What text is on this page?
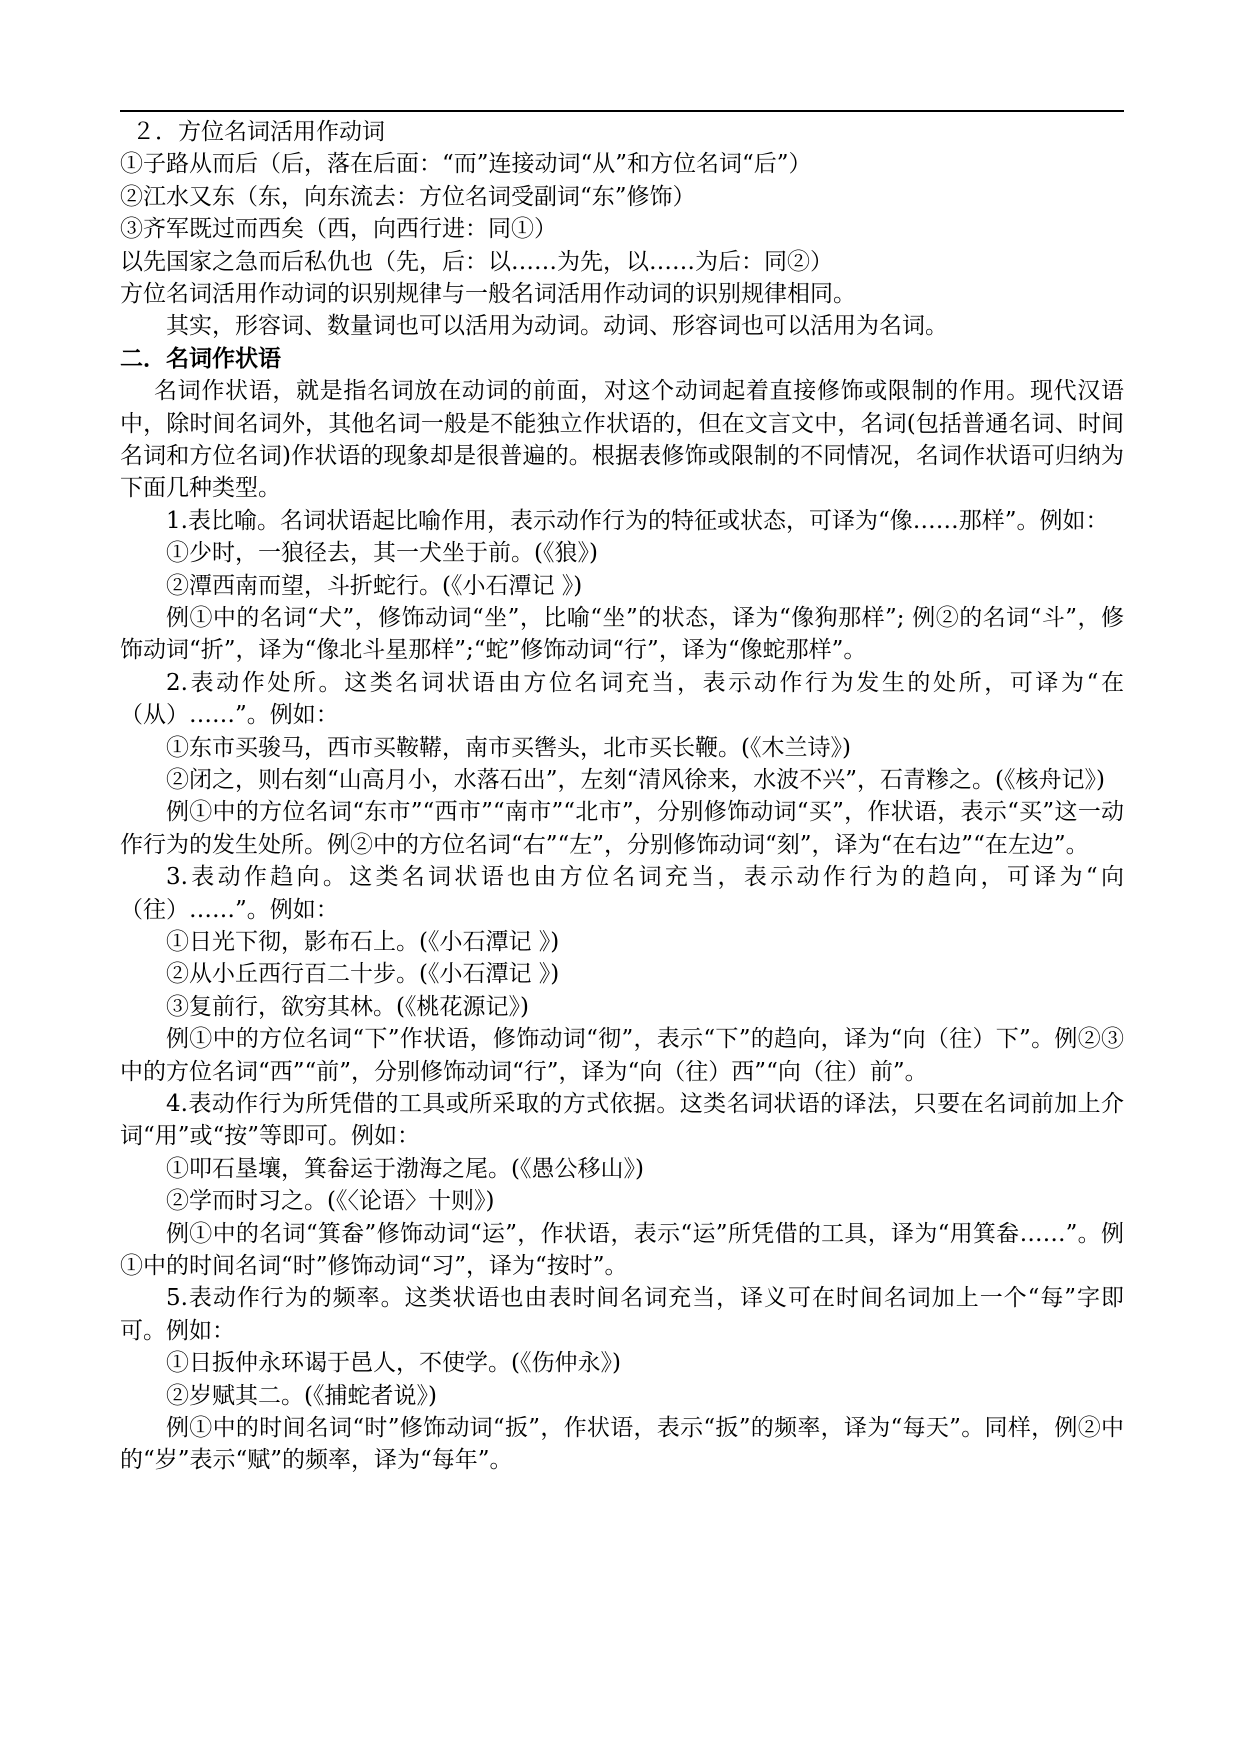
２．方位名词活用作动词
①子路从而后（后，落在后面：“而”连接动词“从”和方位名词“后”）
②江水又东（东，向东流去：方位名词受副词“东”修饰）
③齐军既过而西矣（西，向西行进：同①）
以先国家之急而后私仇也（先，后：以……为先，以……为后：同②）
方位名词活用作动词的识别规律与一般名词活用作动词的识别规律相同。
其实，形容词、数量词也可以活用为动词。动词、形容词也可以活用为名词。
二．名词作状语
名词作状语，就是指名词放在动词的前面，对这个动词起着直接修饰或限制的作用。现代汉语中，除时间名词外，其他名词一般是不能独立作状语的，但在文言文中，名词(包括普通名词、时间名词和方位名词)作状语的现象却是很普遍的。根据表修饰或限制的不同情况，名词作状语可归纳为下面几种类型。
1.表比喻。名词状语起比喻作用，表示动作行为的特征或状态，可译为“像……那样”。例如：
①少时，一狼径去，其一犬坐于前。(《狼》)
②潭西南而望，斗折蛇行。(《小石潭记 》)
例①中的名词“犬”，修饰动词“坐”，比喻“坐”的状态，译为“像狗那样”; 例②的名词“斗”，修饰动词“折”，译为“像北斗星那样”;“蛇”修饰动词“行”，译为“像蛇那样”。
2.表动作处所。这类名词状语由方位名词充当，表示动作行为发生的处所，可译为“在（从）……”。例如：
①东市买骏马，西市买鞍鞯，南市买辔头，北市买长鞭。(《木兰诗》)
②闭之，则右刻“山高月小，水落石出”，左刻“清风徐来，水波不兴”，石青糁之。(《核舟记》)
例①中的方位名词“东市”“西市”“南市”“北市”，分别修饰动词“买”，作状语，表示“买”这一动作行为的发生处所。例②中的方位名词“右”“左”，分别修饰动词“刻”，译为“在右边”“在左边”。
3.表动作趋向。这类名词状语也由方位名词充当，表示动作行为的趋向，可译为“向（往）……”。例如：
①日光下彻，影布石上。(《小石潭记 》)
②从小丘西行百二十步。(《小石潭记 》)
③复前行，欲穷其林。(《桃花源记》)
例①中的方位名词“下”作状语，修饰动词“彻”，表示“下”的趋向，译为“向（往）下”。例②③中的方位名词“西”“前”，分别修饰动词“行”，译为“向（往）西”“向（往）前”。
4.表动作行为所凭借的工具或所采取的方式依据。这类名词状语的译法，只要在名词前加上介词“用”或“按”等即可。例如：
①叩石垦壤，箕畚运于渤海之尾。(《愚公移山》)
②学而时习之。(《〈论语〉十则》)
例①中的名词“箕畚”修饰动词“运”，作状语，表示“运”所凭借的工具，译为“用箕畚……”。例①中的时间名词“时”修饰动词“习”，译为“按时”。
5.表动作行为的频率。这类状语也由表时间名词充当，译义可在时间名词加上一个“每”字即可。例如：
①日扳仲永环谒于邑人，不使学。(《伤仲永》)
②岁赋其二。(《捕蛇者说》)
例①中的时间名词“时”修饰动词“扳”，作状语，表示“扳”的频率，译为“每天”。同样，例②中的“岁”表示“赋”的频率，译为“每年”。
